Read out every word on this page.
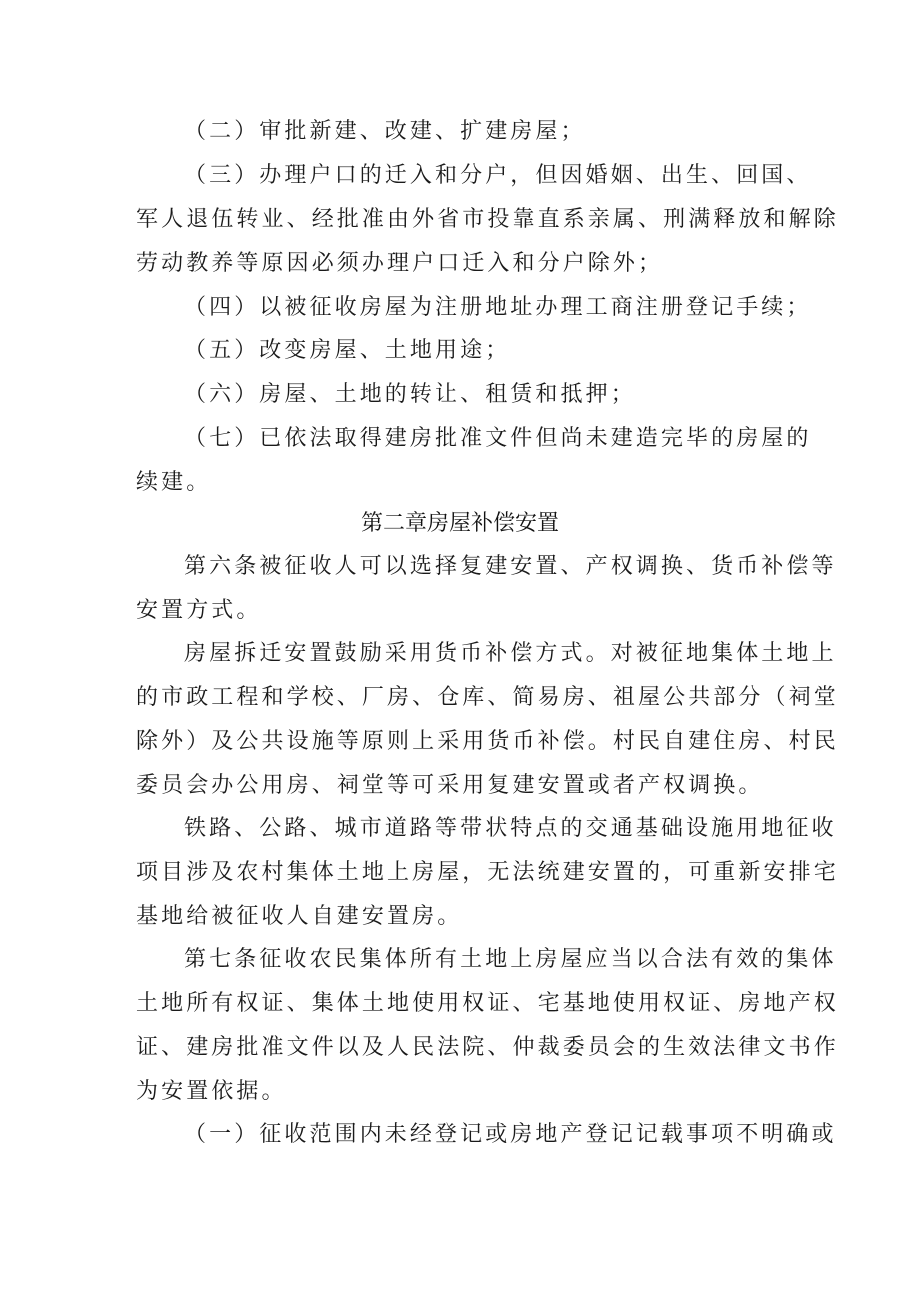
（二）审批新建、改建、扩建房屋；
（三）办理户口的迁入和分户，但因婚姻、出生、回国、
军人退伍转业、经批准由外省市投靠直系亲属、刑满释放和解除
劳动教养等原因必须办理户口迁入和分户除外；
（四）以被征收房屋为注册地址办理工商注册登记手续；
（五）改变房屋、土地用途；
（六）房屋、土地的转让、租赁和抵押；
（七）已依法取得建房批准文件但尚未建造完毕的房屋的
续建。
第二章房屋补偿安置
第六条被征收人可以选择复建安置、产权调换、货币补偿等
安置方式。
房屋拆迁安置鼓励采用货币补偿方式。对被征地集体土地上
的市政工程和学校、厂房、仓库、简易房、祖屋公共部分（祠堂
除外）及公共设施等原则上采用货币补偿。村民自建住房、村民
委员会办公用房、祠堂等可采用复建安置或者产权调换。
铁路、公路、城市道路等带状特点的交通基础设施用地征收
项目涉及农村集体土地上房屋，无法统建安置的，可重新安排宅
基地给被征收人自建安置房。
第七条征收农民集体所有土地上房屋应当以合法有效的集体
土地所有权证、集体土地使用权证、宅基地使用权证、房地产权
证、建房批准文件以及人民法院、仲裁委员会的生效法律文书作
为安置依据。
（一）征收范围内未经登记或房地产登记记载事项不明确或
